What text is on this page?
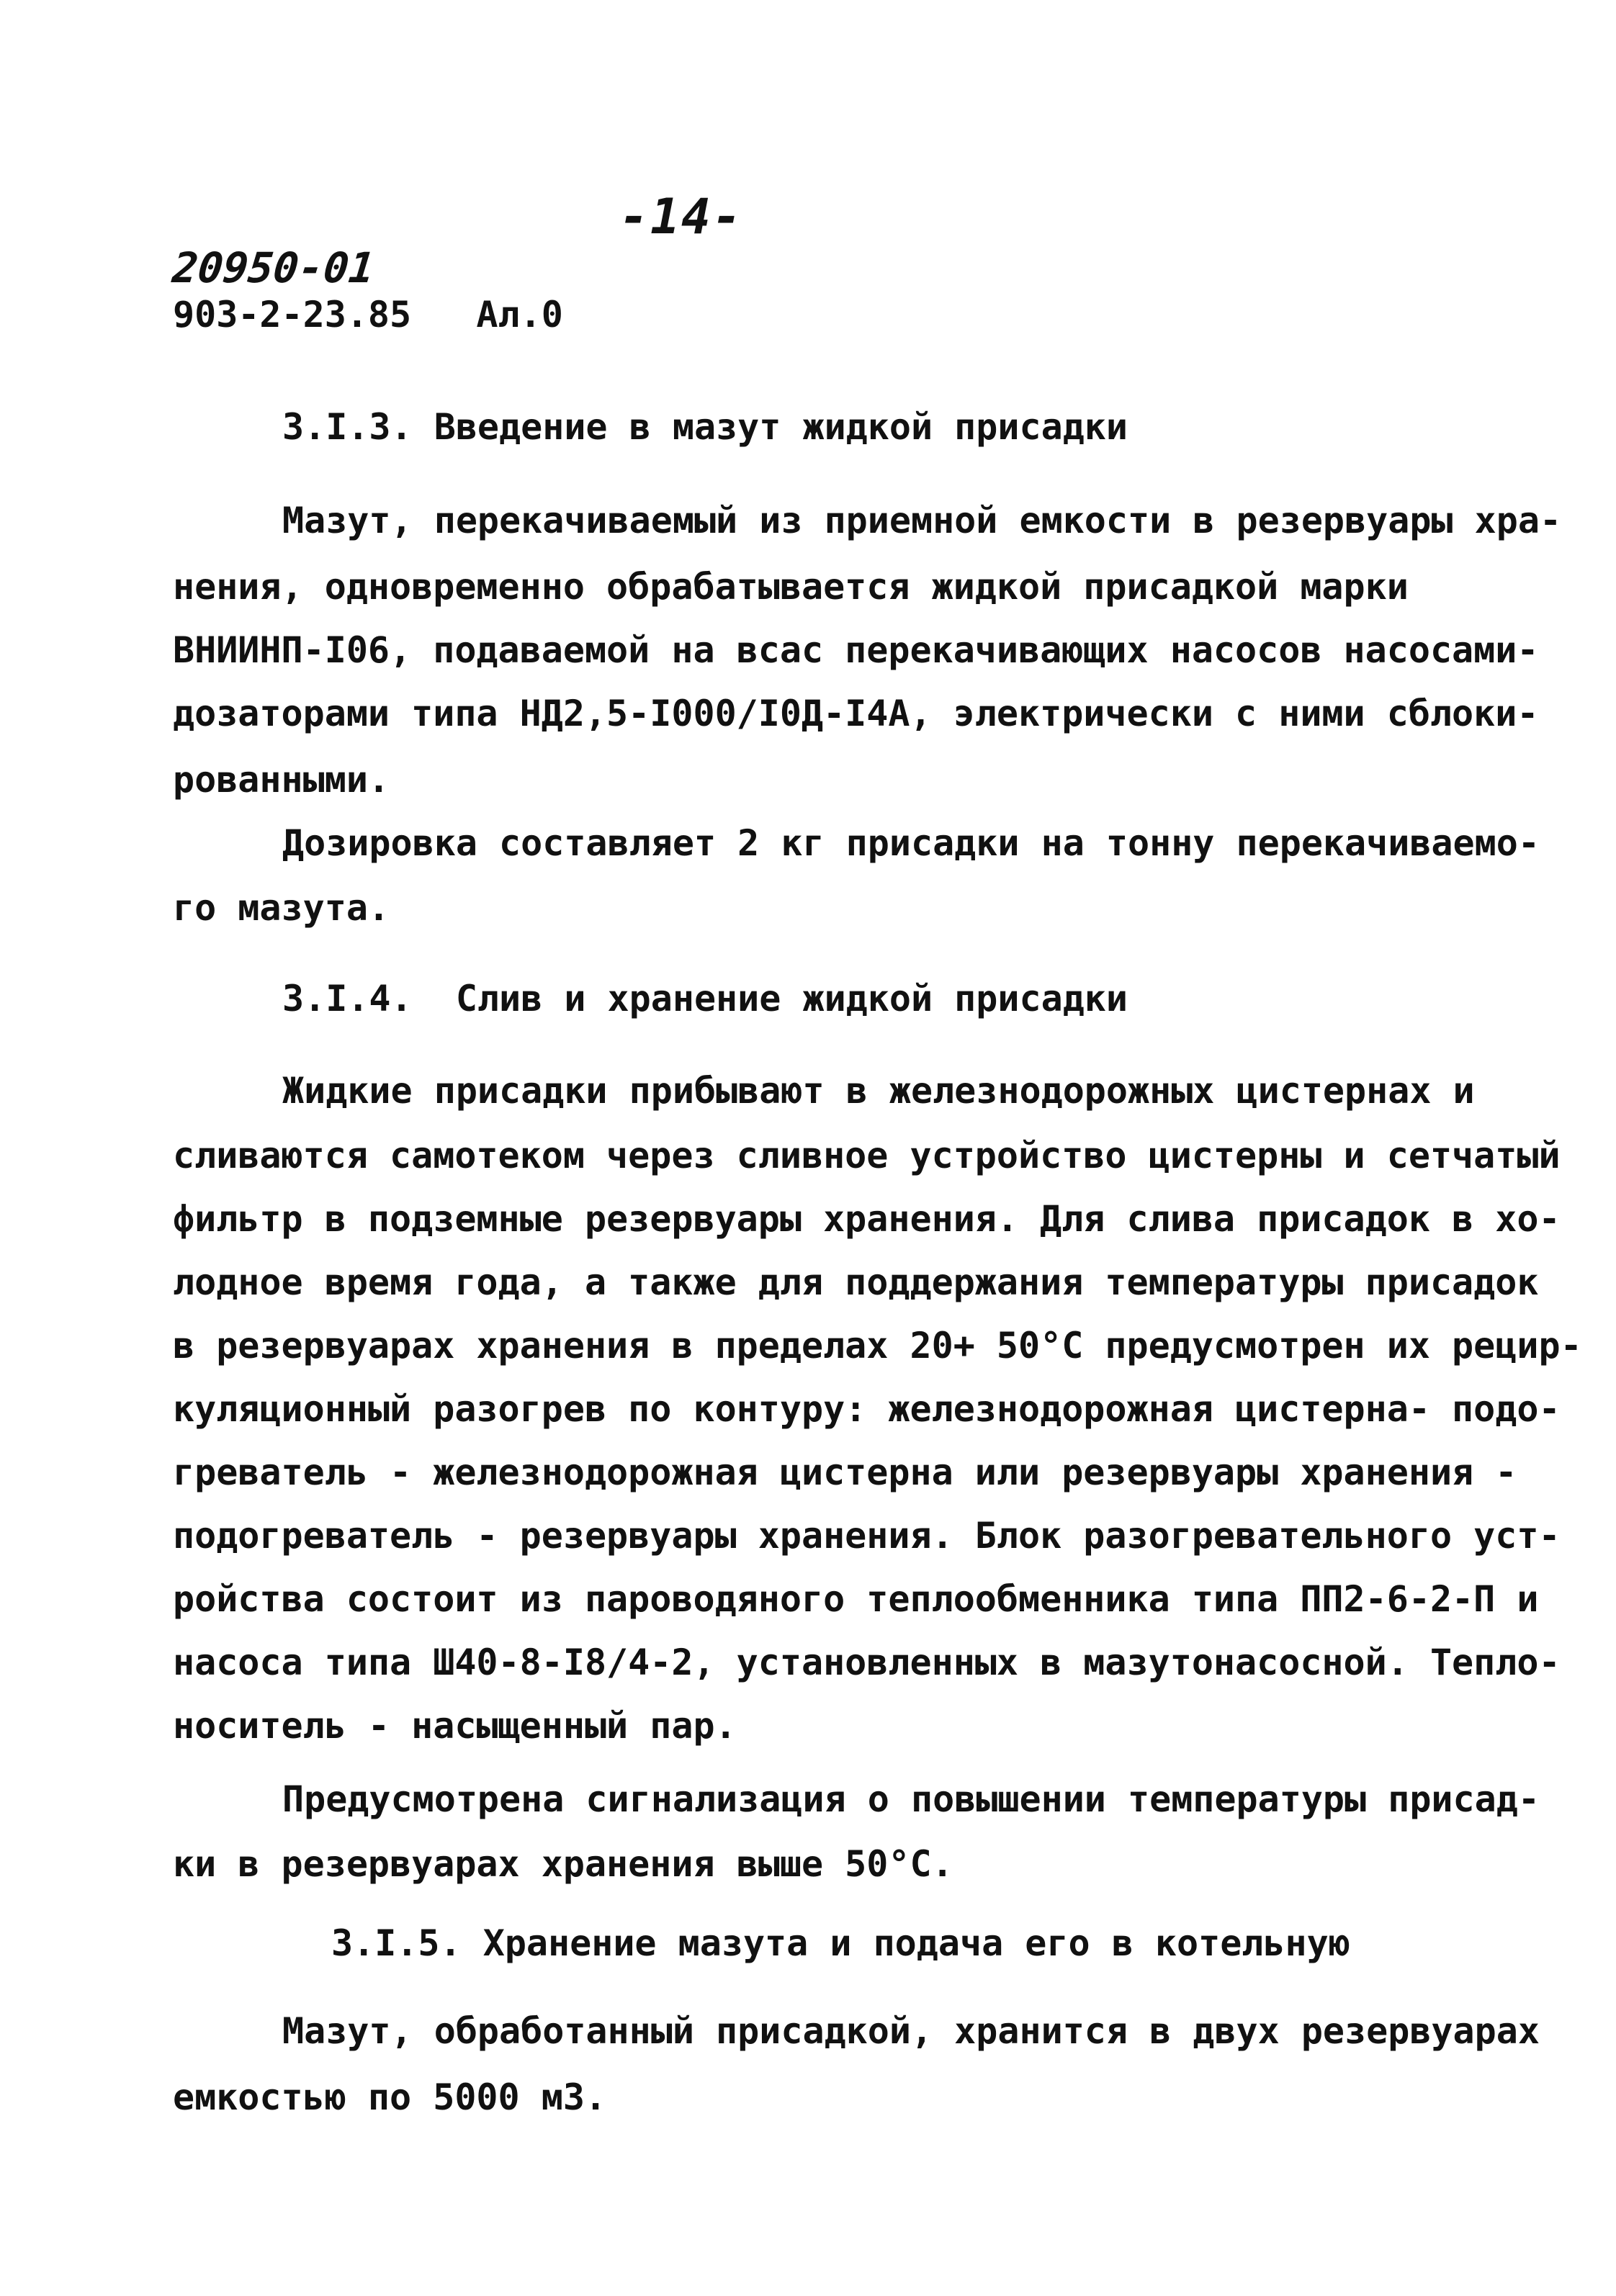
-14-
20950-01
903-2-23.85   Ал.0
3.I.3. Введение в мазут жидкой присадки
Мазут, перекачиваемый из приемной емкости в резервуары хра-
нения, одновременно обрабатывается жидкой присадкой марки
ВНИИНП-I06, подаваемой на всас перекачивающих насосов насосами-
дозаторами типа НД2,5-I000/I0Д-I4А, электрически с ними сблоки-
рованными.
Дозировка составляет 2 кг присадки на тонну перекачиваемо-
го мазута.
3.I.4.  Слив и хранение жидкой присадки
Жидкие присадки прибывают в железнодорожных цистернах и
сливаются самотеком через сливное устройство цистерны и сетчатый
фильтр в подземные резервуары хранения. Для слива присадок в хо-
лодное время года, а также для поддержания температуры присадок
в резервуарах хранения в пределах 20+ 50°С предусмотрен их рецир-
куляционный разогрев по контуру: железнодорожная цистерна- подо-
греватель - железнодорожная цистерна или резервуары хранения -
подогреватель - резервуары хранения. Блок разогревательного уст-
ройства состоит из пароводяного теплообменника типа ПП2-6-2-П и
насоса типа Ш40-8-I8/4-2, установленных в мазутонасосной. Тепло-
носитель - насыщенный пар.
Предусмотрена сигнализация о повышении температуры присад-
ки в резервуарах хранения выше 50°С.
3.I.5. Хранение мазута и подача его в котельную
Мазут, обработанный присадкой, хранится в двух резервуарах
емкостью по 5000 м3.
